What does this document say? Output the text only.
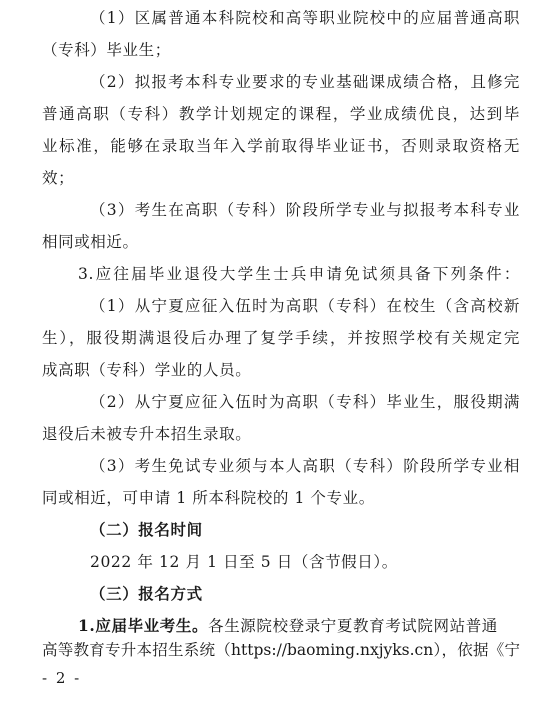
（1）区属普通本科院校和高等职业院校中的应届普通高职
（专科）毕业生；
（2）拟报考本科专业要求的专业基础课成绩合格，且修完
普通高职（专科）教学计划规定的课程，学业成绩优良，达到毕
业标准，能够在录取当年入学前取得毕业证书，否则录取资格无
效；
（3）考生在高职（专科）阶段所学专业与拟报考本科专业
相同或相近。
3.应往届毕业退役大学生士兵申请免试须具备下列条件：
（1）从宁夏应征入伍时为高职（专科）在校生（含高校新
生），服役期满退役后办理了复学手续，并按照学校有关规定完
成高职（专科）学业的人员。
（2）从宁夏应征入伍时为高职（专科）毕业生，服役期满
退役后未被专升本招生录取。
（3）考生免试专业须与本人高职（专科）阶段所学专业相
同或相近，可申请 1 所本科院校的 1 个专业。
（二）报名时间
2022 年 12 月 1 日至 5 日（含节假日）。
（三）报名方式
1.应届毕业考生。各生源院校登录宁夏教育考试院网站普通
高等教育专升本招生系统（https://baoming.nxjyks.cn），依据《宁
- 2 -
